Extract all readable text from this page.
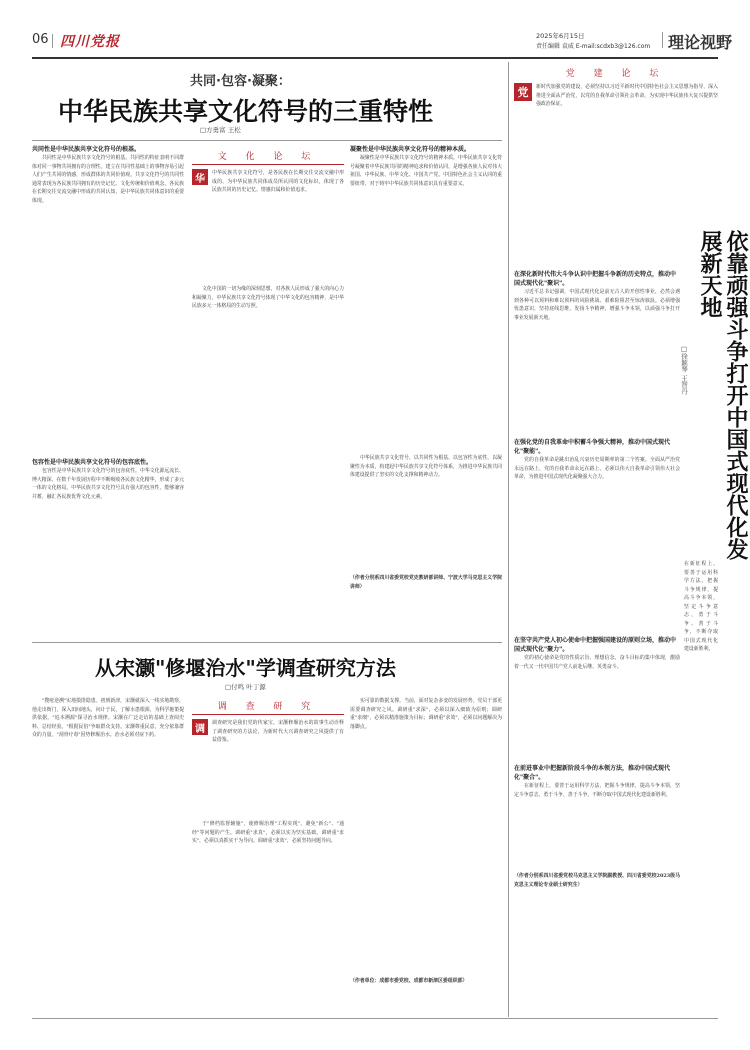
06 四川党报	2025年6月15日
责任编辑 袁威 E-mail:scdxb3@126.com 理论视野
共同·包容·凝聚：
中华民族共享文化符号的三重特性
□方勇富 王松
共同性是中华民族共享文化符号的根基。

共同性是中华民族共享文化符号的根基。共同性的特征表明不同群体对同一事物共同拥有的合理性。建立在共同性基础上的事物容易引起人们产生共同的情感，形成群体的共同价值观。共享文化符号的共同性通常表现为各民族共同拥有的历史记忆、文化传统和价值观念，各民族在长期交往交流交融中形成的共同认知，是中华民族共同体意识的重要体现。

包容性是中华民族共享文化符号的包容底性。

包容性是中华民族共享文化符号的包容底性。中华文化源远流长、博大精深，在数千年发展历程中不断吸收各民族文化精华，形成了多元一体的文化格局。中华民族共享文化符号具有强大的包容性，能够兼容并蓄，融汇各民族优秀文化元素。

文 化 论 坛
华

中华民族共享文化符号，是各民族在长期交往交流交融中形成的、为中华民族共同体成员所认同的文化标识，体现了各民族共同的历史记忆、情感归属和价值追求。

文化中国的一切为缘的深刻思想，对各族人民形成了强大的向心力和凝聚力，中华民族共享文化符号体现了中华文化的包容精神，是中华民族多元一体格局的生动写照。

凝聚性是中华民族共享文化符号的精神本质。

凝聚性是中华民族共享文化符号的精神本质。中华民族共享文化符号凝聚着中华民族共同的精神追求和价值认同，是增强各族人民对伟大祖国、中华民族、中华文化、中国共产党、中国特色社会主义认同的重要纽带，对于铸牢中华民族共同体意识具有重要意义。

中华民族共享文化符号，以共同性为根基、以包容性为底性、以凝聚性为本质，构建起中华民族共享文化符号体系，为推进中华民族共同体建设提供了坚实的文化支撑和精神动力。

（作者分别系四川省委党校党史教研部讲师、宁波大学马克思主义学院讲师）

党 建 论 坛
党	新时代加强党的建设，必须坚持以习近平新时代中国特色社会主义思想为指导，深入推进全面从严治党，以党的自我革命引领社会革命，为实现中华民族伟大复兴提供坚强政治保证。

依靠顽强斗争打开中国式现代化发展新天地
□徐颖琴 王智丹
在深化新时代伟大斗争认识中把握斗争新的历史特点，推动中国式现代化"聚识"。

习近平总书记强调，中国式现代化是前无古人的开创性事业，必然会遇到各种可以预料和难以预料的风险挑战、艰难险阻甚至惊涛骇浪。必须增强忧患意识，坚持底线思维，发扬斗争精神，增强斗争本领，以顽强斗争打开事业发展新天地。

在强化党的自我革命中积蓄斗争强大精神，推动中国式现代化"聚能"。

党的自我革命是跳出治乱兴衰历史周期率的第二个答案。全面从严治党永远在路上，党的自我革命永远在路上。必须以伟大自我革命引领伟大社会革命，为推进中国式现代化凝聚强大合力。

在坚守共产党人初心使命中把握强国建设的原则立场，推动中国式现代化"聚力"。

党的初心使命是党的性质宗旨、理想信念、奋斗目标的集中体现，激励着一代又一代中国共产党人前赴后继、英勇奋斗。

在前进事业中把握新阶段斗争的本领方法，推动中国式现代化"聚合"。

在新征程上，要善于运用科学方法，把握斗争规律，提高斗争本领，坚定斗争意志，勇于斗争、善于斗争，不断夺取中国式现代化建设新胜利。

（作者分别系四川省委党校马克思主义学院副教授、四川省委党校2023级马克思主义理论专业硕士研究生）

在新征程上，要善于运用科学方法，把握斗争规律，提高斗争本领，坚定斗争意志，勇于斗争、善于斗争，不断夺取中国式现代化建设新胜利。

从宋灏"修堰治水"学调查研究方法
□付鸣 叶丁源

"搜疮逆溯"实地摸排隐患。初到新津，宋灏就深入一线实地勘察，他走出衙门，深入田间地头，问计于民，了解水患根源，为科学施策提供依据。"追本溯源"探寻治水规律。宋灏在广泛走访的基础上查阅史料、总结经验。"根据民俗"争取群众支持。宋灏尊重民意，充分依靠群众的力量。"刮骨疗毒"因势修堰治水。治水必须对症下药。

调 查 研 究
调

调查研究是我们党的传家宝。宋灏修堰治水的故事生动诠释了调查研究的方法论，为新时代大兴调查研究之风提供了有益借鉴。

于"修档监督辅施"，使修堰治理"工程实现"，避免"新公"、"通经"等问题的产生。调研重"求真"，必须以实为坚实基础。调研重"求实"，必须以真抓实干为导向。调研重"求效"，必须坚持问题导向。

实可靠的数据支撑。当前，面对复杂多变的发展形势，党员干部更需要调查研究之风。调研重"求深"，必须以深入细致为原则；调研重"求细"，必须以精准施策为目标；调研重"求效"，必须以问题解决为落脚点。

（作者单位：成都市委党校、成都市新津区委组织部）
